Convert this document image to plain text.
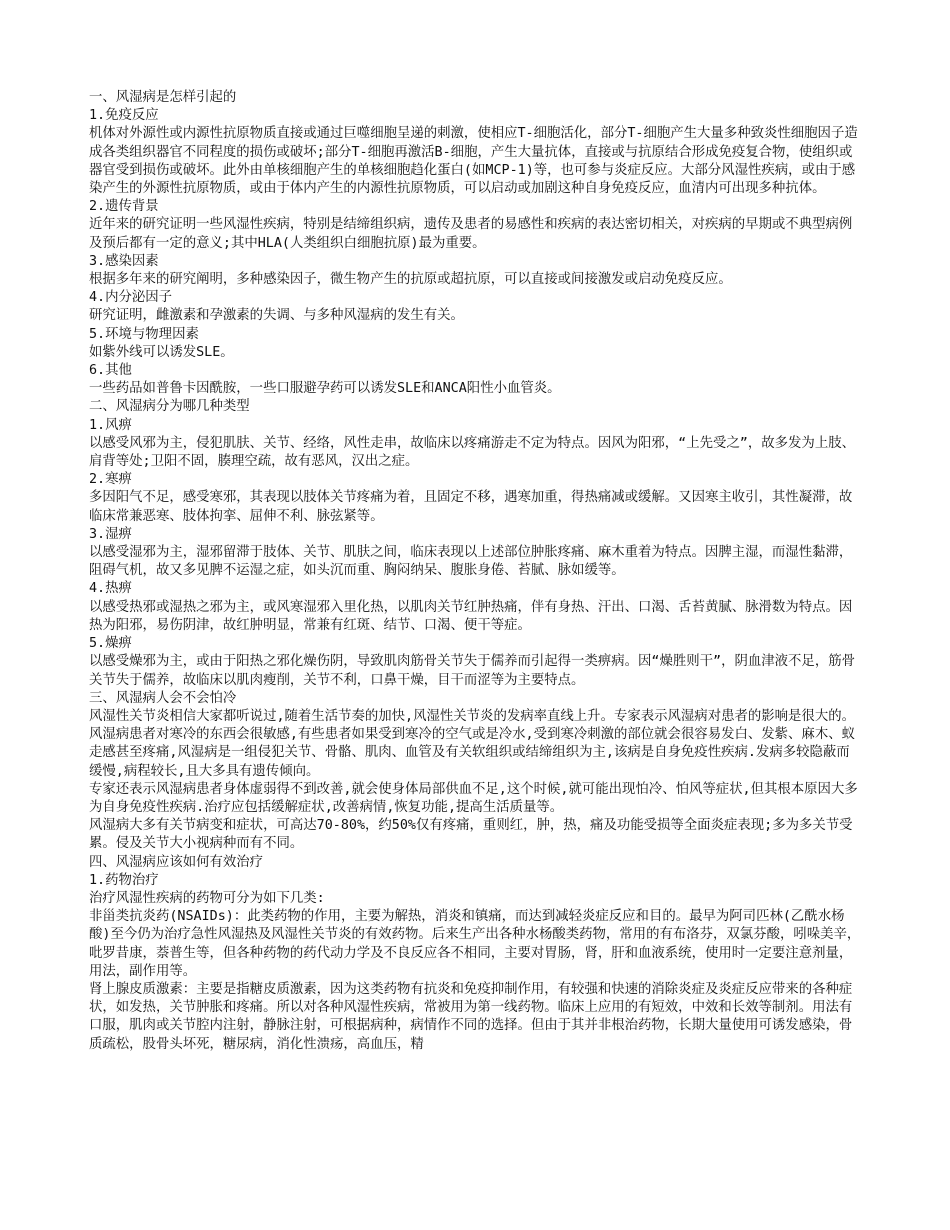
一、风湿病是怎样引起的

1.免疫反应

机体对外源性或内源性抗原物质直接或通过巨噬细胞呈递的刺激，使相应T-细胞活化，部分T-细胞产生大量多种致炎性细胞因子造成各类组织器官不同程度的损伤或破坏;部分T-细胞再激活B-细胞，产生大量抗体，直接或与抗原结合形成免疫复合物，使组织或器官受到损伤或破坏。此外由单核细胞产生的单核细胞趋化蛋白(如MCP-1)等，也可参与炎症反应。大部分风湿性疾病，或由于感染产生的外源性抗原物质，或由于体内产生的内源性抗原物质，可以启动或加剧这种自身免疫反应，血清内可出现多种抗体。

2.遗传背景

近年来的研究证明一些风湿性疾病，特别是结缔组织病，遗传及患者的易感性和疾病的表达密切相关，对疾病的早期或不典型病例及预后都有一定的意义;其中HLA(人类组织白细胞抗原)最为重要。

3.感染因素

根据多年来的研究阐明，多种感染因子，微生物产生的抗原或超抗原，可以直接或间接激发或启动免疫反应。

4.内分泌因子

研究证明，雌激素和孕激素的失调、与多种风湿病的发生有关。

5.环境与物理因素

如紫外线可以诱发SLE。

6.其他

一些药品如普鲁卡因酰胺，一些口服避孕药可以诱发SLE和ANCA阳性小血管炎。

二、风湿病分为哪几种类型

1.风痹

以感受风邪为主，侵犯肌肤、关节、经络，风性走串，故临床以疼痛游走不定为特点。因风为阳邪，“上先受之”，故多发为上肢、肩背等处;卫阳不固，腠理空疏，故有恶风，汉出之症。

2.寒痹

多因阳气不足，感受寒邪，其表现以肢体关节疼痛为着，且固定不移，遇寒加重，得热痛减或缓解。又因寒主收引，其性凝滞，故临床常兼恶寒、肢体拘挛、屈伸不利、脉弦紧等。

3.湿痹

以感受湿邪为主，湿邪留滞于肢体、关节、肌肤之间，临床表现以上述部位肿胀疼痛、麻木重着为特点。因脾主湿，而湿性黏滞，阻碍气机，故又多见脾不运湿之症，如头沉而重、胸闷纳呆、腹胀身倦、苔腻、脉如缓等。

4.热痹

以感受热邪或湿热之邪为主，或风寒湿邪入里化热，以肌肉关节红肿热痛，伴有身热、汗出、口渴、舌苔黄腻、脉滑数为特点。因热为阳邪，易伤阴津，故红肿明显，常兼有红斑、结节、口渴、便干等症。

5.燥痹

以感受燥邪为主，或由于阳热之邪化燥伤阴，导致肌肉筋骨关节失于儒养而引起得一类痹病。因“燥胜则干”，阴血津液不足，筋骨关节失于儒养，故临床以肌肉瘦削，关节不利，口鼻干燥，目干而涩等为主要特点。

三、风湿病人会不会怕冷

风湿性关节炎相信大家都听说过,随着生活节奏的加快,风湿性关节炎的发病率直线上升。专家表示风湿病对患者的影响是很大的。

风湿病患者对寒冷的东西会很敏感,有些患者如果受到寒冷的空气或是冷水,受到寒冷刺激的部位就会很容易发白、发紫、麻木、蚁走感甚至疼痛,风湿病是一组侵犯关节、骨骼、肌肉、血管及有关软组织或结缔组织为主,该病是自身免疫性疾病.发病多较隐蔽而缓慢,病程较长,且大多具有遗传倾向。

专家还表示风湿病患者身体虚弱得不到改善,就会使身体局部供血不足,这个时候,就可能出现怕冷、怕风等症状,但其根本原因大多为自身免疫性疾病.治疗应包括缓解症状,改善病情,恢复功能,提高生活质量等。

风湿病大多有关节病变和症状，可高达70-80%，约50%仅有疼痛，重则红，肿，热，痛及功能受损等全面炎症表现;多为多关节受累。侵及关节大小视病种而有不同。

四、风湿病应该如何有效治疗

1.药物治疗

治疗风湿性疾病的药物可分为如下几类:

非甾类抗炎药(NSAIDs)：此类药物的作用，主要为解热，消炎和镇痛，而达到减轻炎症反应和目的。最早为阿司匹林(乙酰水杨酸)至今仍为治疗急性风湿热及风湿性关节炎的有效药物。后来生产出各种水杨酸类药物，常用的有布洛芬，双氯芬酸，吲哚美辛，吡罗昔康，萘普生等，但各种药物的药代动力学及不良反应各不相同，主要对胃肠，肾，肝和血液系统，使用时一定要注意剂量，用法，副作用等。

肾上腺皮质激素：主要是指糖皮质激素，因为这类药物有抗炎和免疫抑制作用，有较强和快速的消除炎症及炎症反应带来的各种症状，如发热，关节肿胀和疼痛。所以对各种风湿性疾病，常被用为第一线药物。临床上应用的有短效，中效和长效等制剂。用法有口服，肌肉或关节腔内注射，静脉注射，可根据病种，病情作不同的选择。但由于其并非根治药物，长期大量使用可诱发感染，骨质疏松，股骨头坏死，糖尿病，消化性溃疡，高血压，精
